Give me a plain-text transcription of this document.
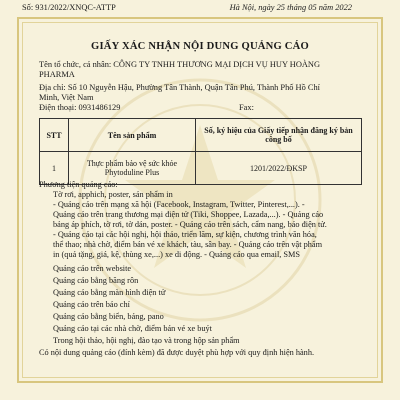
Số: 931/2022/XNQC-ATTP	Hà Nội, ngày 25 tháng 05 năm 2022
GIẤY XÁC NHẬN NỘI DUNG QUẢNG CÁO
Tên tổ chức, cá nhân: CÔNG TY TNHH THƯƠNG MẠI DỊCH VỤ HUY HOÀNG
PHARMA
Địa chỉ: Số 10 Nguyễn Hậu, Phường Tân Thành, Quận Tân Phú, Thành Phố Hồ Chí
Minh, Việt Nam
Điện thoại: 0931486129	Fax:
STT	Tên sản phẩm	Số, ký hiệu của Giấy tiếp nhận đăng ký bản công bố
1	Thực phẩm bảo vệ sức khỏe Phytoduline Plus	1201/2022/ĐKSP
Phương tiện quảng cáo:
Tờ rơi, apphich, poster, sản phẩm in
- Quảng cáo trên mạng xã hội (Facebook, Instagram, Twitter, Pinterest,...). -
Quảng cáo trên trang thương mại điện tử (Tiki, Shoppee, Lazada,...). - Quảng cáo
bảng áp phích, tờ rơi, tờ dán, poster. - Quảng cáo trên sách, cẩm nang, báo điện tử.
- Quảng cáo tại các hội nghị, hội thảo, triển lãm, sự kiện, chương trình văn hóa,
thể thao; nhà chờ, điểm bán vé xe khách, tàu, sân bay. - Quảng cáo trên vật phẩm
in (quả tặng, giá, kệ, thùng xe,...) xe di động. - Quảng cáo qua email, SMS
Quảng cáo trên website
Quảng cáo bằng băng rôn
Quảng cáo bằng màn hình điện tử
Quảng cáo trên báo chí
Quảng cáo bằng biển, bảng, pano
Quảng cáo tại các nhà chờ, điểm bán vé xe buýt
Trong hội thảo, hội nghị, đào tạo và trong hộp sản phẩm
Có nội dung quảng cáo (đính kèm) đã được duyệt phù hợp với quy định hiện hành.
